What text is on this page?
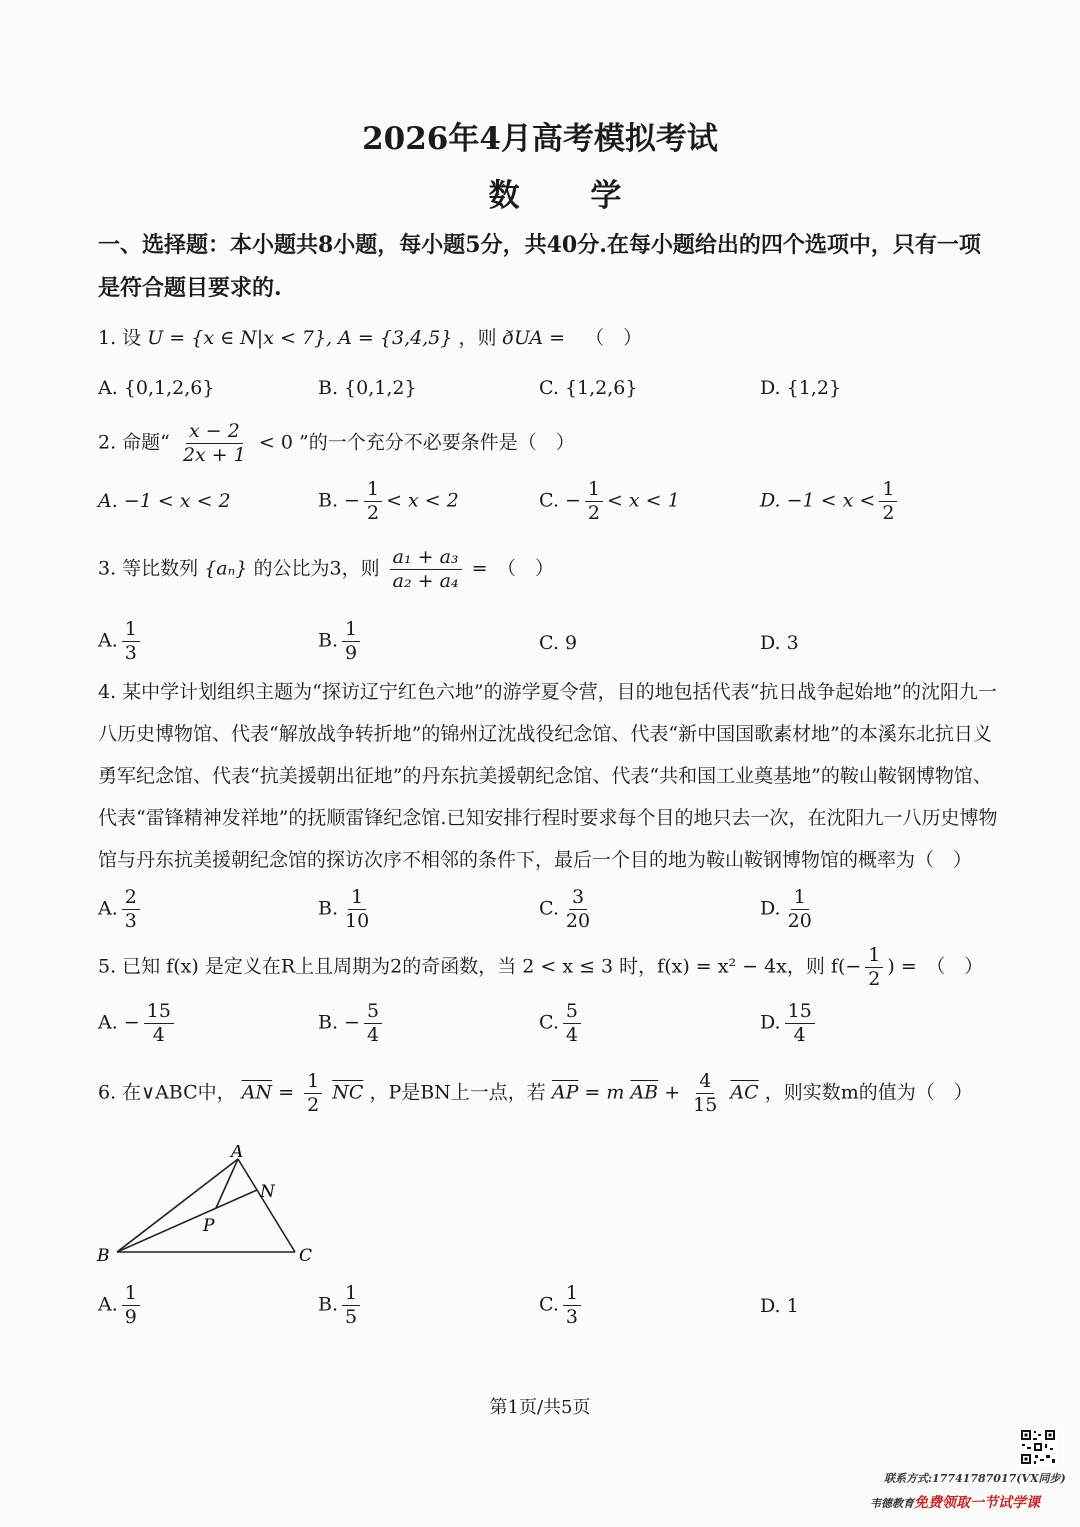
2026年4月高考模拟考试
数 学
一、选择题：本小题共8小题，每小题5分，共40分.在每小题给出的四个选项中，只有一项
是符合题目要求的.
1. 设 U = {x ∈ N|x < 7}, A = {3,4,5} ，则 ðUA = （　）
A. {0,1,2,6}	B. {0,1,2}	C. {1,2,6}	D. {1,2}
2. 命题“ $\frac{x - 2}{2x + 1} < 0$ ”的一个充分不必要条件是（　）
A. −1 < x < 2	B. − $\frac{1}{2} < x < 2$	C. − $\frac{1}{2} < x < 1$	D. $-1 < x < \frac{1}{2}$
3. 等比数列 {aₙ} 的公比为3，则 $\frac{\text{a₁ + a₃}}{\text{a₂ + a₄}}$ =　（　）
A. $\frac{1}{3}$	B. $\frac{1}{9}$	C. 9	D. 3
4. 某中学计划组织主题为“探访辽宁红色六地”的游学夏令营，目的地包括代表“抗日战争起始地”的沈阳九一八历史博物馆、代表“解放战争转折地”的锦州辽沈战役纪念馆、代表“新中国国歌素材地”的本溪东北抗日义勇军纪念馆、代表“抗美援朝出征地”的丹东抗美援朝纪念馆、代表“共和国工业奠基地”的鞍山鞍钢博物馆、代表“雷锋精神发祥地”的抚顺雷锋纪念馆.已知安排行程时要求每个目的地只去一次，在沈阳九一八历史博物馆与丹东抗美援朝纪念馆的探访次序不相邻的条件下，最后一个目的地为鞍山鞍钢博物馆的概率为（　）
A. $\frac{2}{3}$	B. $\frac{1}{10}$	C. $\frac{3}{20}$	D. $\frac{1}{20}$
5. 已知 f(x) 是定义在R上且周期为2的奇函数，当 2 < x ≤ 3 时，f(x) = x² − 4x，则 $f(- \frac{1}{2}$ ) =　（　）
A. − $\frac{15}{4}$	B. − $\frac{5}{4}$	C. $\frac{5}{4}$	D. $\frac{15}{4}$
6. 在∨ABC中， $\overline{AN} = \frac{1}{2} \overline{NC}$ ，P是BN上一点，若 $\overline{AP} = m$ $\overline{AB} + \frac{4}{15} \overline{AC}$ ，则实数m的值为（　）
A
B	C
N
P
A. $\frac{1}{9}$	B. $\frac{1}{5}$	C. $\frac{1}{3}$	D. 1
第1页/共5页
联系方式:17741787017(VX同步)
韦德教育免费领取一节试学课
